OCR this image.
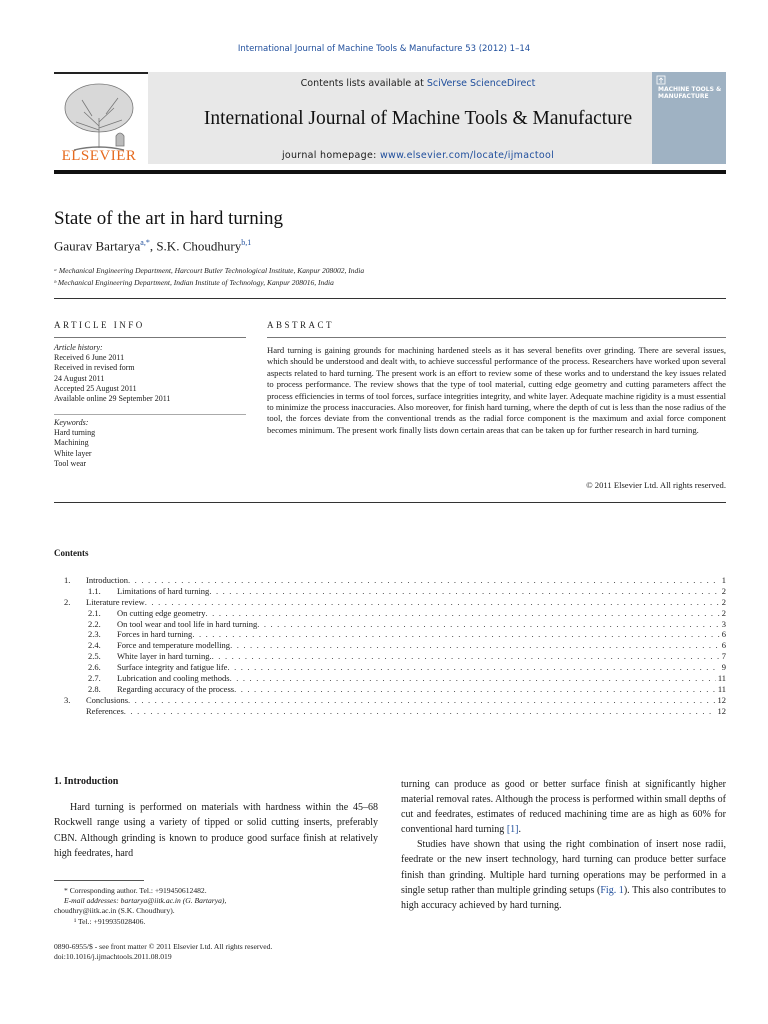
International Journal of Machine Tools & Manufacture 53 (2012) 1–14
ELSEVIER
Contents lists available at SciVerse ScienceDirect
International Journal of Machine Tools & Manufacture
journal homepage: www.elsevier.com/locate/ijmactool
MACHINE TOOLS & MANUFACTURE
State of the art in hard turning
Gaurav Bartarya$^{a,*}$, S.K. Choudhury$^{b,1}$
ᵃ Mechanical Engineering Department, Harcourt Butler Technological Institute, Kanpur 208002, India
ᵇ Mechanical Engineering Department, Indian Institute of Technology, Kanpur 208016, India
ARTICLE INFO	ABSTRACT
Article history:
Received 6 June 2011
Received in revised form
24 August 2011
Accepted 25 August 2011
Available online 29 September 2011
Keywords:
Hard turning
Machining
White layer
Tool wear
Hard turning is gaining grounds for machining hardened steels as it has several benefits over grinding. There are several issues, which should be understood and dealt with, to achieve successful performance of the process. Researchers have worked upon several aspects related to hard turning. The present work is an effort to review some of these works and to understand the key issues related to process performance. The review shows that the type of tool material, cutting edge geometry and cutting parameters affect the process efficiencies in terms of tool forces, surface integrities integrity, and white layer. Adequate machine rigidity is a must essential to minimize the process inaccuracies. Also moreover, for finish hard turning, where the depth of cut is less than the nose radius of the tool, the forces deviate from the conventional trends as the radial force component is the maximum and axial force component becomes minimum. The present work finally lists down certain areas that can be taken up for further research in hard turning.
© 2011 Elsevier Ltd. All rights reserved.
Contents
1. Introduction . . .	1
1.1. Limitations of hard turning . . .	2
2. Literature review . . .	2
2.1. On cutting edge geometry . . .	2
2.2. On tool wear and tool life in hard turning . . .	3
2.3. Forces in hard turning . . .	6
2.4. Force and temperature modelling . . .	6
2.5. White layer in hard turning. . . .	7
2.6. Surface integrity and fatigue life . . .	9
2.7. Lubrication and cooling methods . . .	11
2.8. Regarding accuracy of the process . . .	11
3. Conclusions . . .	12
References . . .	12
1. Introduction
Hard turning is performed on materials with hardness within the 45–68 Rockwell range using a variety of tipped or solid cutting inserts, preferably CBN. Although grinding is known to produce good surface finish at relatively high feedrates, hard

turning can produce as good or better surface finish at significantly higher material removal rates. Although the process is performed within small depths of cut and feedrates, estimates of reduced machining time are as high as 60% for conventional hard turning [1].

Studies have shown that using the right combination of insert nose radii, feedrate or the new insert technology, hard turning can produce better surface finish than grinding. Multiple hard turning operations may be performed in a single setup rather than multiple grinding setups (Fig. 1). This also contributes to high accuracy achieved by hard turning.

* Corresponding author. Tel.: +919450612482.
E-mail addresses: bartarya@iitk.ac.in (G. Bartarya),
choudhry@iitk.ac.in (S.K. Choudhury).
¹ Tel.: +919935028406.
0890-6955/$ - see front matter © 2011 Elsevier Ltd. All rights reserved.
doi:10.1016/j.ijmachtools.2011.08.019
